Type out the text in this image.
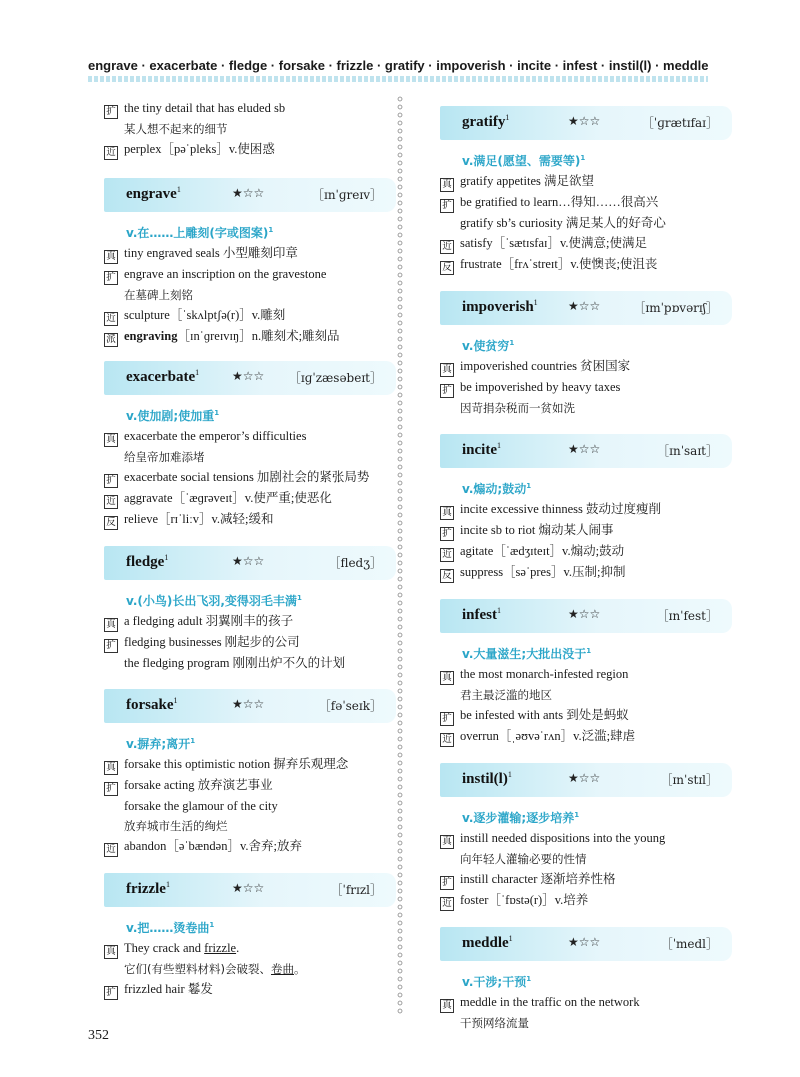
engrave · exacerbate · fledge · forsake · frizzle · gratify · impoverish · incite · infest · instil(l) · meddle
扩 the tiny detail that has eluded sb
某人想不起来的细节
近 perplex［pəˈpleks］v.使困惑
engrave$^1$	★☆☆	［ɪnˈɡreɪv］
v.在……上雕刻(字或图案)$^1$
真 tiny engraved seals 小型雕刻印章
扩 engrave an inscription on the gravestone
在墓碑上刻铭
近 sculpture［ˈskʌlptʃə(r)］v.雕刻
派 engraving［ɪnˈɡreɪvɪŋ］n.雕刻术;雕刻品
exacerbate$^1$	★☆☆ ［ɪɡˈzæsəbeɪt］
v.使加剧;使加重$^1$
真 exacerbate the emperor’s difficulties
给皇帝加难添堵
扩 exacerbate social tensions 加剧社会的紧张局势
近 aggravate［ˈæɡrəveɪt］v.使严重;使恶化
反 relieve［rɪˈliːv］v.减轻;缓和
fledge$^1$	★☆☆	［fledʒ］
v.(小鸟)长出飞羽,变得羽毛丰满$^1$
真 a fledging adult 羽翼刚丰的孩子
扩 fledging businesses 刚起步的公司
the fledging program 刚刚出炉不久的计划
forsake$^1$	★☆☆	［fəˈseɪk］
v.摒弃;离开$^1$
真 forsake this optimistic notion 摒弃乐观理念
扩 forsake acting 放弃演艺事业
forsake the glamour of the city
放弃城市生活的绚烂
近 abandon［əˈbændən］v.舍弃;放弃
frizzle$^1$	★☆☆	［ˈfrɪzl］
v.把……烫卷曲$^1$
真 They crack and frizzle.
它们(有些塑料材料)会破裂、卷曲。
扩 frizzled hair 鬈发
gratify$^1$	★☆☆	［ˈɡrætɪfaɪ］
v.满足(愿望、需要等)$^1$
真 gratify appetites 满足欲望
扩 be gratified to learn…得知……很高兴
gratify sb’s curiosity 满足某人的好奇心
近 satisfy［ˈsætɪsfaɪ］v.使满意;使满足
反 frustrate［frʌˈstreɪt］v.使懊丧;使沮丧
impoverish$^1$	★☆☆	［ɪmˈpɒvərɪʃ］
v.使贫穷$^1$
真 impoverished countries 贫困国家
扩 be impoverished by heavy taxes
因苛捐杂税而一贫如洗
incite$^1$	★☆☆	［ɪnˈsaɪt］
v.煽动;鼓动$^1$
真 incite excessive thinness 鼓动过度瘦削
扩 incite sb to riot 煽动某人闹事
近 agitate［ˈædʒɪteɪt］v.煽动;鼓动
反 suppress［səˈpres］v.压制;抑制
infest$^1$	★☆☆	［ɪnˈfest］
v.大量滋生;大批出没于$^1$
真 the most monarch-infested region
君主最泛滥的地区
扩 be infested with ants 到处是蚂蚁
近 overrun［ˌəʊvəˈrʌn］v.泛滥;肆虐
$instil(l)^1$	★☆☆	［ɪnˈstɪl］
v.逐步灌输;逐步培养$^1$
真 instill needed dispositions into the young
向年轻人灌输必要的性情
扩 instill character 逐渐培养性格
近 foster［ˈfɒstə(r)］v.培养
meddle$^1$	★☆☆	［ˈmedl］
v.干涉;干预$^1$
真 meddle in the traffic on the network
干预网络流量
352
